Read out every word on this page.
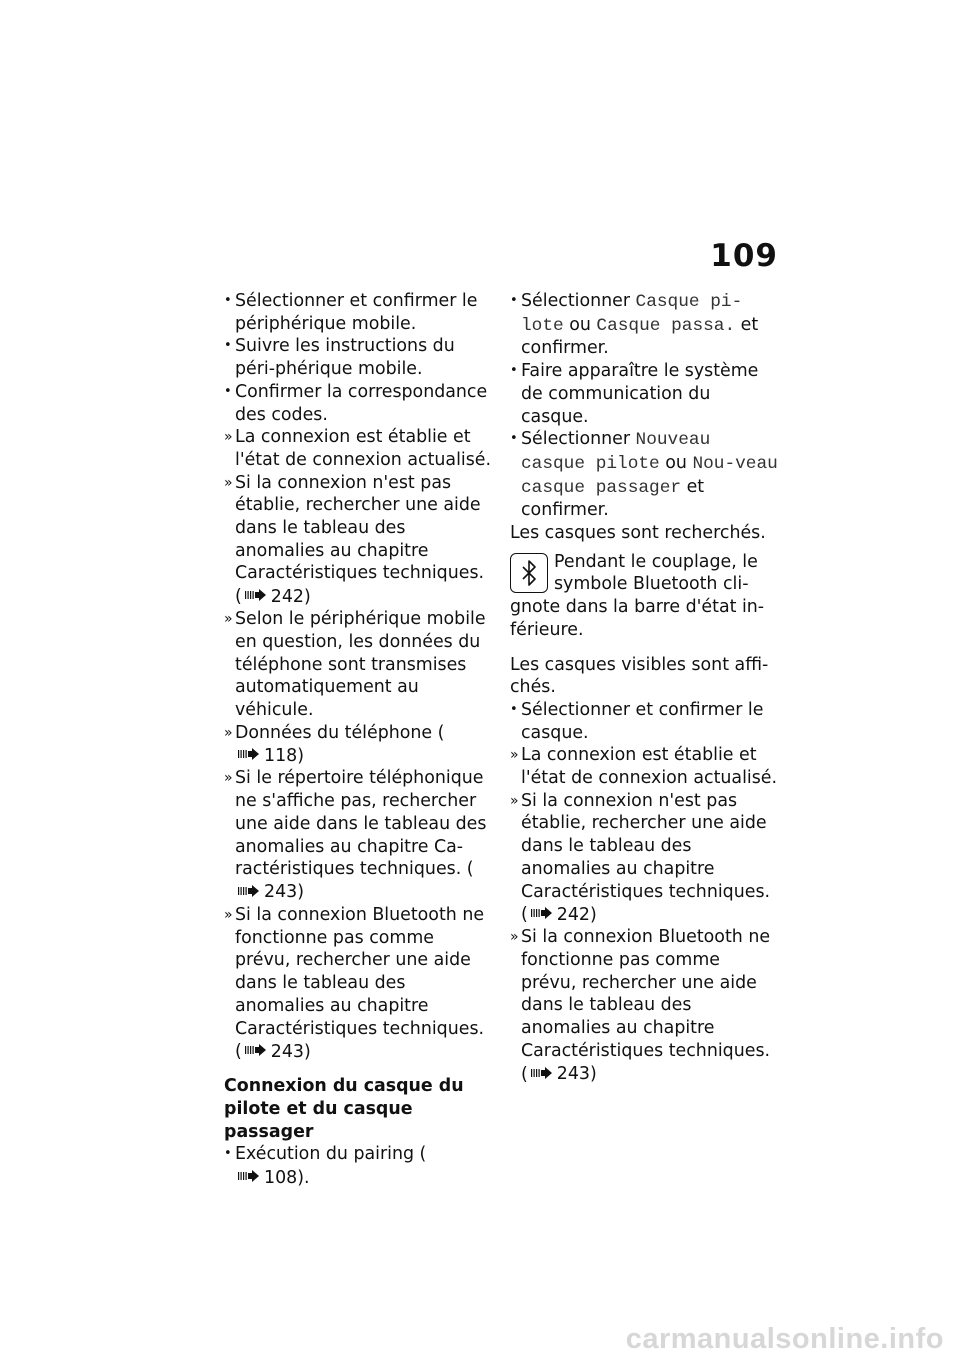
109
• Sélectionner et confirmer le périphérique mobile.
• Suivre les instructions du péri-phérique mobile.
• Confirmer la correspondance des codes.
» La connexion est établie et l'état de connexion actualisé.
» Si la connexion n'est pas établie, rechercher une aide dans le tableau des anomalies au chapitre Caractéristiques techniques. ( 242)
» Selon le périphérique mobile en question, les données du téléphone sont transmises automatiquement au véhicule.
» Données du téléphone (118)
» Si le répertoire téléphonique ne s'affiche pas, rechercher une aide dans le tableau des anomalies au chapitre Ca-ractéristiques techniques. (243)
» Si la connexion Bluetooth ne fonctionne pas comme prévu, rechercher une aide dans le tableau des anomalies au chapitre Caractéristiques techniques. ( 243)
Connexion du casque du pilote et du casque passager
• Exécution du pairing (108).
• Sélectionner Casque pi-lote ou Casque passa. et confirmer.
• Faire apparaître le système de communication du casque.
• Sélectionner Nouveau casque pilote ou Nou-veau casque passager et confirmer.
Les casques sont recherchés.
Pendant le couplage, le symbole Bluetooth cli-gnote dans la barre d'état in-férieure.
Les casques visibles sont affi-chés.
• Sélectionner et confirmer le casque.
» La connexion est établie et l'état de connexion actualisé.
» Si la connexion n'est pas établie, rechercher une aide dans le tableau des anomalies au chapitre Caractéristiques techniques. ( 242)
» Si la connexion Bluetooth ne fonctionne pas comme prévu, rechercher une aide dans le tableau des anomalies au chapitre Caractéristiques techniques. ( 243)
carmanualsonline.info
